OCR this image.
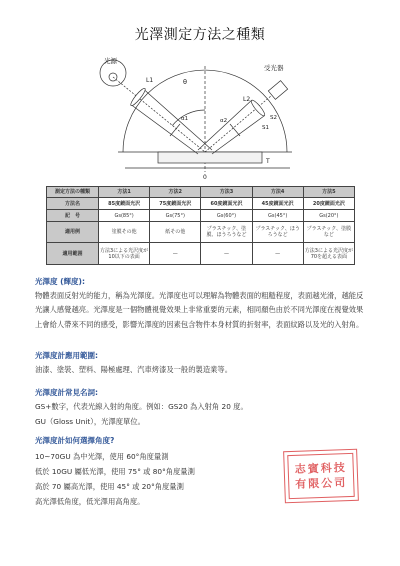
光澤測定方法之種類
光源
受光器
L1	θ
L2
α1	α2	S2
S1
T
0
測定方法の種類	方法1	方法2	方法3	方法4	方法5
方法名	85度鏡面光沢	75度鏡面光沢	60度鏡面光沢	45度鏡面光沢	20度鏡面光沢
記　号	Gs(85°)	Gs(75°)	Gs(60°)	Gs(45°)	Gs(20°)
適用例	塗膜その他	紙その他	プラスチック、塗膜、ほうろうなど	プラスチック、ほうろうなど	プラスチック、塗膜など
適用範囲	方法3による光沢度が10以下の表面	—	—	—	方法3による光沢度が70を超える表面
光澤度 (輝度):
物體表面反射光的能力，稱為光澤度。光澤度也可以理解為物體表面的粗糙程度，表面越光滑，越能反光讓人感覺越亮。光澤度是一個物體視覺效果上非常重要的元素，相同顏色由於不同光澤度在視覺效果上會給人帶來不同的感受，影響光澤度的因素包含物件本身材質的折射率，表面紋路以及光的入射角。
光澤度計應用範圍:
油漆、塗裝、塑料、陽極處理、汽車烤漆及一般的製造業等。
光澤度計常見名詞:
GS+數字，代表光線入射的角度。例如：GS20 為入射角 20 度。
GU（Gloss Unit），光澤度單位。
光澤度計如何選擇角度?
10~70GU 為中光澤，使用 60°角度量測
低於 10GU 屬低光澤，使用 75° 或 80°角度量測
高於 70 屬高光澤，使用 45° 或 20°角度量測
高光澤低角度，低光澤用高角度。
志賓科技
有限公司
